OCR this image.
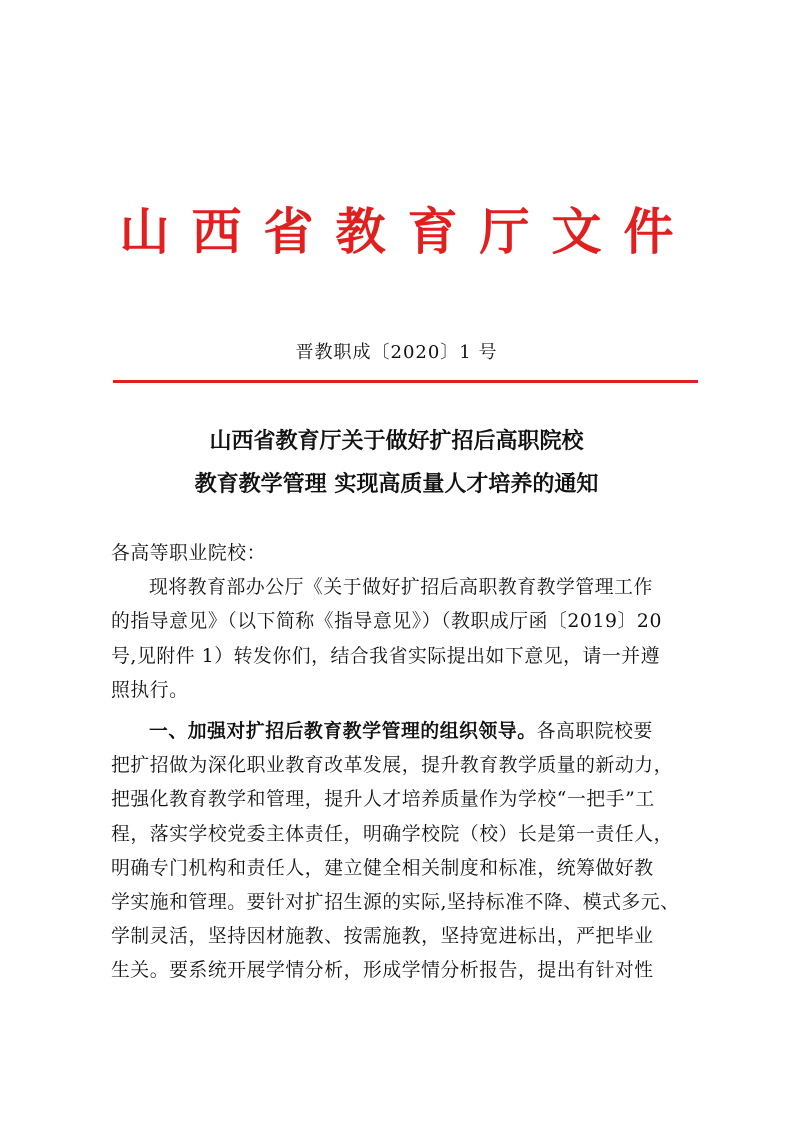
山西省教育厅文件
晋教职成〔2020〕1 号
山西省教育厅关于做好扩招后高职院校
教育教学管理 实现高质量人才培养的通知
各高等职业院校：
现将教育部办公厅《关于做好扩招后高职教育教学管理工作
的指导意见》（以下简称《指导意见》）（教职成厅函〔2019〕20
号,见附件 1）转发你们，结合我省实际提出如下意见，请一并遵
照执行。
一、加强对扩招后教育教学管理的组织领导。各高职院校要
把扩招做为深化职业教育改革发展，提升教育教学质量的新动力，
把强化教育教学和管理，提升人才培养质量作为学校“一把手”工
程，落实学校党委主体责任，明确学校院（校）长是第一责任人，
明确专门机构和责任人，建立健全相关制度和标准，统筹做好教
学实施和管理。要针对扩招生源的实际,坚持标准不降、模式多元、
学制灵活，坚持因材施教、按需施教，坚持宽进标出，严把毕业
生关。要系统开展学情分析，形成学情分析报告，提出有针对性
